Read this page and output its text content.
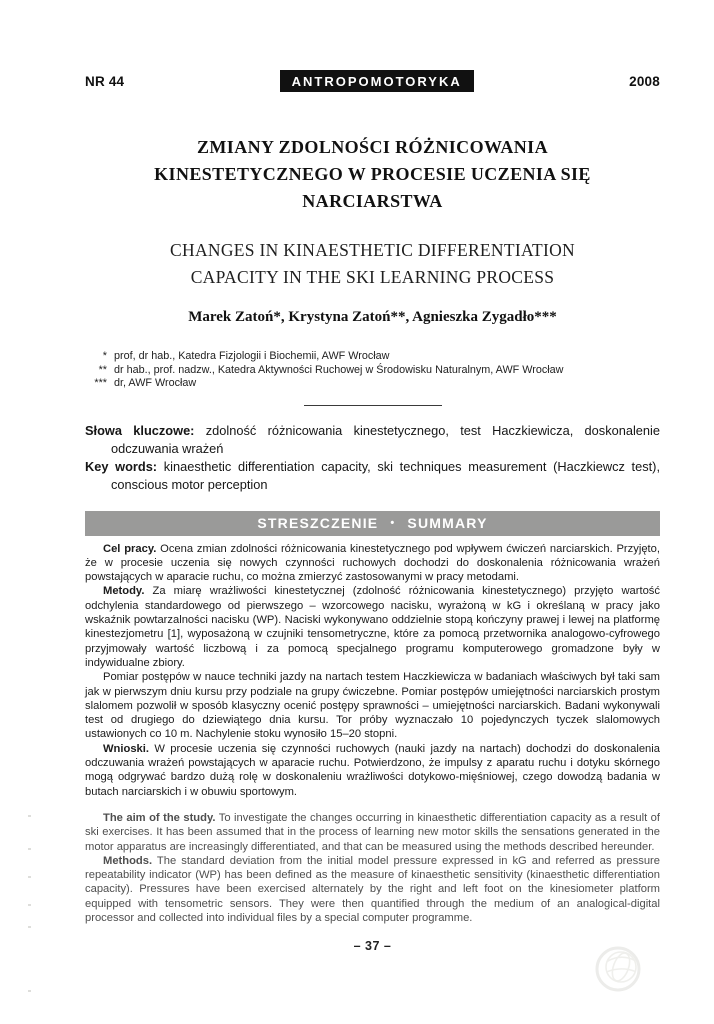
NR 44	ANTROPOMOTORYKA	2008
ZMIANY ZDOLNOŚCI RÓŻNICOWANIA
KINESTETYCZNEGO W PROCESIE UCZENIA SIĘ
NARCIARSTWA
CHANGES IN KINAESTHETIC DIFFERENTIATION
CAPACITY IN THE SKI LEARNING PROCESS
Marek Zatoń*, Krystyna Zatoń**, Agnieszka Zygadło***
* prof, dr hab., Katedra Fizjologii i Biochemii, AWF Wrocław
** dr hab., prof. nadzw., Katedra Aktywności Ruchowej w Środowisku Naturalnym, AWF Wrocław
*** dr, AWF Wrocław

Słowa kluczowe: zdolność różnicowania kinestetycznego, test Haczkiewicza, doskonalenie odczuwania wrażeń

Key words: kinaesthetic differentiation capacity, ski techniques measurement (Haczkiewcz test), conscious motor perception

STRESZCZENIE • SUMMARY

Cel pracy. Ocena zmian zdolności różnicowania kinestetycznego pod wpływem ćwiczeń narciarskich. Przyjęto, że w procesie uczenia się nowych czynności ruchowych dochodzi do doskonalenia różnicowania wrażeń powstających w aparacie ruchu, co można zmierzyć zastosowanymi w pracy metodami.

Metody. Za miarę wrażliwości kinestetycznej (zdolność różnicowania kinestetycznego) przyjęto wartość odchylenia standardowego od pierwszego – wzorcowego nacisku, wyrażoną w kG i określaną w pracy jako wskaźnik powtarzalności nacisku (WP). Naciski wykonywano oddzielnie stopą kończyny prawej i lewej na platformę kinestezjometru [1], wyposażoną w czujniki tensometryczne, które za pomocą przetwornika analogowo-cyfrowego przyjmowały wartość liczbową i za pomocą specjalnego programu komputerowego gromadzone były w indywidualne zbiory.

Pomiar postępów w nauce techniki jazdy na nartach testem Haczkiewicza w badaniach właściwych był taki sam jak w pierwszym dniu kursu przy podziale na grupy ćwiczebne. Pomiar postępów umiejętności narciarskich prostym slalomem pozwolił w sposób klasyczny ocenić postępy sprawności – umiejętności narciarskich. Badani wykonywali test od drugiego do dziewiątego dnia kursu. Tor próby wyznaczało 10 pojedynczych tyczek slalomowych ustawionych co 10 m. Nachylenie stoku wynosiło 15–20 stopni.

Wnioski. W procesie uczenia się czynności ruchowych (nauki jazdy na nartach) dochodzi do doskonalenia odczuwania wrażeń powstających w aparacie ruchu. Potwierdzono, że impulsy z aparatu ruchu i dotyku skórnego mogą odgrywać bardzo dużą rolę w doskonaleniu wrażliwości dotykowo-mięśniowej, czego dowodzą badania w butach narciarskich i w obuwiu sportowym.

The aim of the study. To investigate the changes occurring in kinaesthetic differentiation capacity as a result of ski exercises. It has been assumed that in the process of learning new motor skills the sensations generated in the motor apparatus are increasingly differentiated, and that can be measured using the methods described hereunder.

Methods. The standard deviation from the initial model pressure expressed in kG and referred as pressure repeatability indicator (WP) has been defined as the measure of kinaesthetic sensitivity (kinaesthetic differentiation capacity). Pressures have been exercised alternately by the right and left foot on the kinesiometer platform equipped with tensometric sensors. They were then quantified through the medium of an analogical-digital processor and collected into individual files by a special computer programme.

– 37 –
